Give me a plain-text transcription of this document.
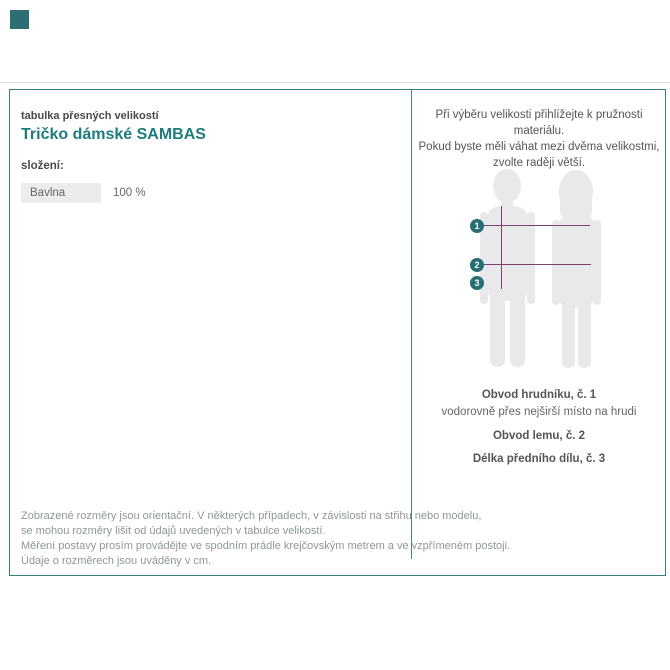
tabulka přesných velikostí
Tričko dámské SAMBAS
složení:
Bavlna	100 %
Zobrazené rozměry jsou orientační. V některých případech, v závislosti na střihu nebo modelu,
se mohou rozměry lišit od údajů uvedených v tabulce velikostí.
Měření postavy prosím provádějte ve spodním prádle krejčovským metrem a ve vzpřímeném postoji.
Údaje o rozměrech jsou uváděny v cm.
Při výběru velikosti přihlížejte k pružnosti materiálu.
Pokud byste měli váhat mezi dvěma velikostmi,
zvolte raději větší.
1
2
3
Obvod hrudníku, č. 1
vodorovně přes nejširší místo na hrudi
Obvod lemu, č. 2
Délka předního dílu, č. 3
